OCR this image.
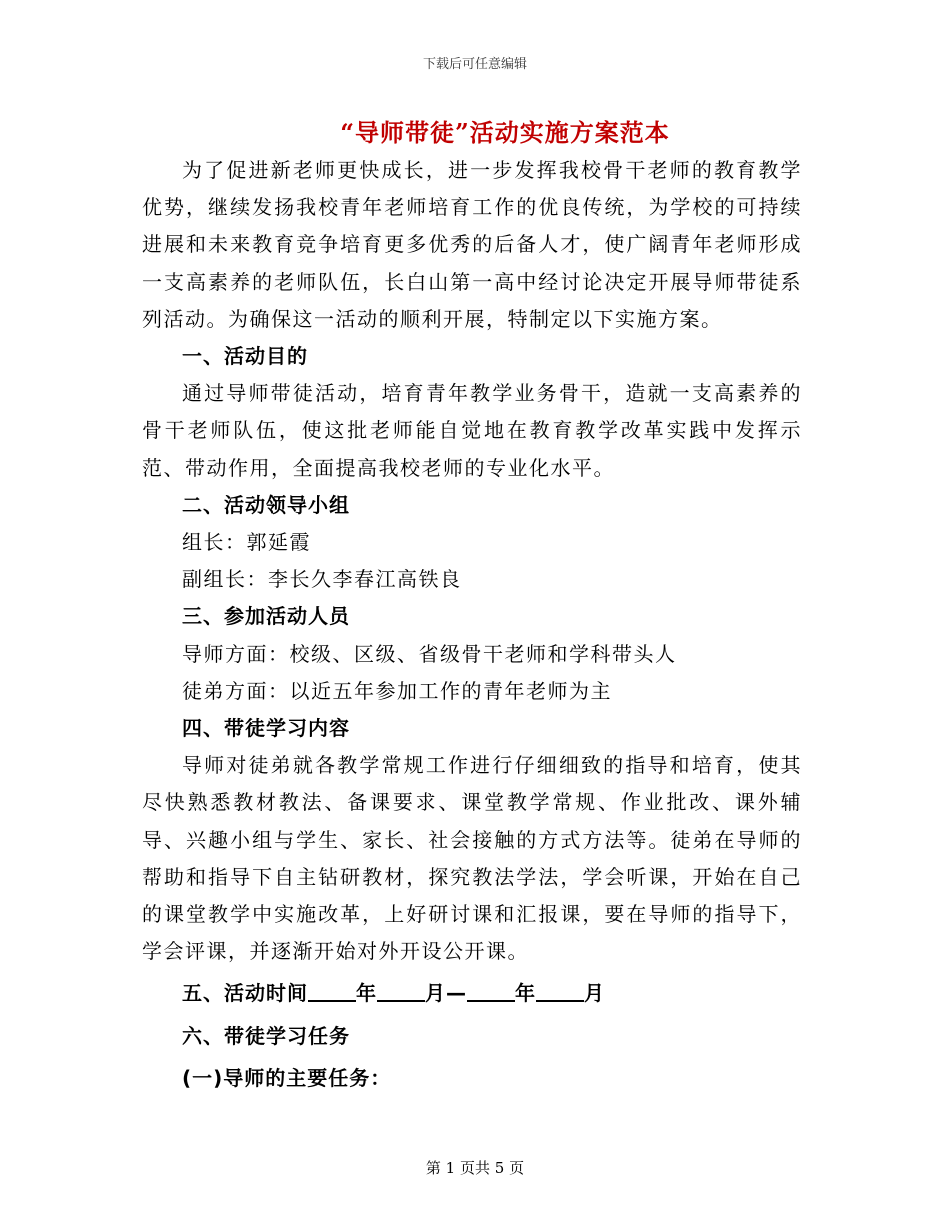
下载后可任意编辑
“导师带徒”活动实施方案范本

为了促进新老师更快成长，进一步发挥我校骨干老师的教育教学优势，继续发扬我校青年老师培育工作的优良传统，为学校的可持续进展和未来教育竞争培育更多优秀的后备人才，使广阔青年老师形成一支高素养的老师队伍，长白山第一高中经讨论决定开展导师带徒系列活动。为确保这一活动的顺利开展，特制定以下实施方案。

一、活动目的

通过导师带徒活动，培育青年教学业务骨干，造就一支高素养的骨干老师队伍，使这批老师能自觉地在教育教学改革实践中发挥示范、带动作用，全面提高我校老师的专业化水平。

二、活动领导小组

组长：郭延霞

副组长：李长久李春江高铁良

三、参加活动人员

导师方面：校级、区级、省级骨干老师和学科带头人

徒弟方面：以近五年参加工作的青年老师为主

四、带徒学习内容

导师对徒弟就各教学常规工作进行仔细细致的指导和培育，使其尽快熟悉教材教法、备课要求、课堂教学常规、作业批改、课外辅导、兴趣小组与学生、家长、社会接触的方式方法等。徒弟在导师的帮助和指导下自主钻研教材，探究教法学法，学会听课，开始在自己的课堂教学中实施改革，上好研讨课和汇报课，要在导师的指导下，学会评课，并逐渐开始对外开设公开课。

五、活动时间 年 月— 年 月

六、带徒学习任务

(一)导师的主要任务：

第 1 页共 5 页
